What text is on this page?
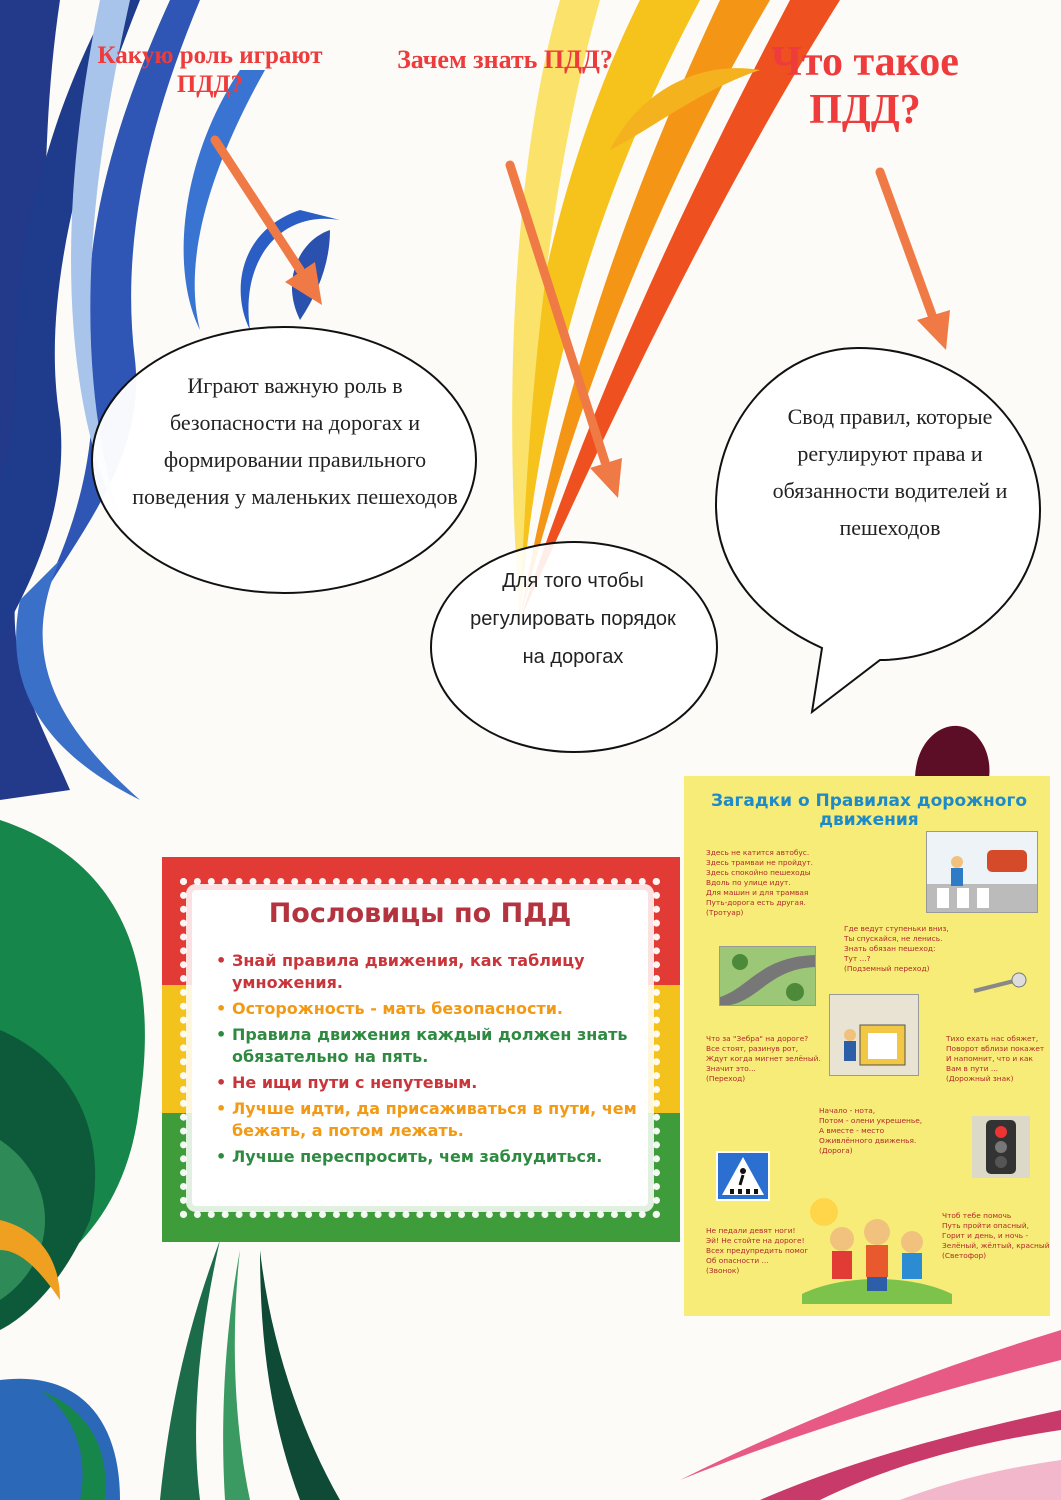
Какую роль играют ПДД?
Зачем знать ПДД?	Что такое ПДД?
Играют важную роль в безопасности на дорогах и формировании правильного поведения у маленьких пешеходов
Для того чтобы регулировать порядок на дорогах
Свод правил, которые регулируют права и обязанности водителей и пешеходов
Пословицы по ПДД
• Знай правила движения, как таблицу умножения.
• Осторожность - мать безопасности.
• Правила движения каждый должен знать обязательно на пять.
• Не ищи пути с непутевым.
• Лучше идти, да присаживаться в пути, чем бежать, а потом лежать.
• Лучше переспросить, чем заблудиться.
Загадки о Правилах дорожного движения
Здесь не катится автобус.
Здесь трамваи не пройдут.
Здесь спокойно пешеходы
Вдоль по улице идут.
Для машин и для трамвая
Путь-дорога есть другая.
(Тротуар)
Где ведут ступеньки вниз,
Ты спускайся, не ленись.
Знать обязан пешеход:
Тут ...?
(Подземный переход)
Что за "Зебра" на дороге?
Все стоят, разинув рот,
Ждут когда мигнет зелёный.
Значит это...
(Переход)
Тихо ехать нас обяжет,
Поворот вблизи покажет
И напомнит, что и как
Вам в пути ...
(Дорожный знак)
Начало - нота,
Потом - олени укрешенье,
А вместе - место
Оживлённого движенья.
(Дорога)
Не педали девят ноги!
Эй! Не стойте на дороге!
Всех предупредить помог
Об опасности ...
(Звонок)
Чтоб тебе помочь
Путь пройти опасный,
Горит и день, и ночь -
Зелёный, жёлтый, красный
(Светофор)
